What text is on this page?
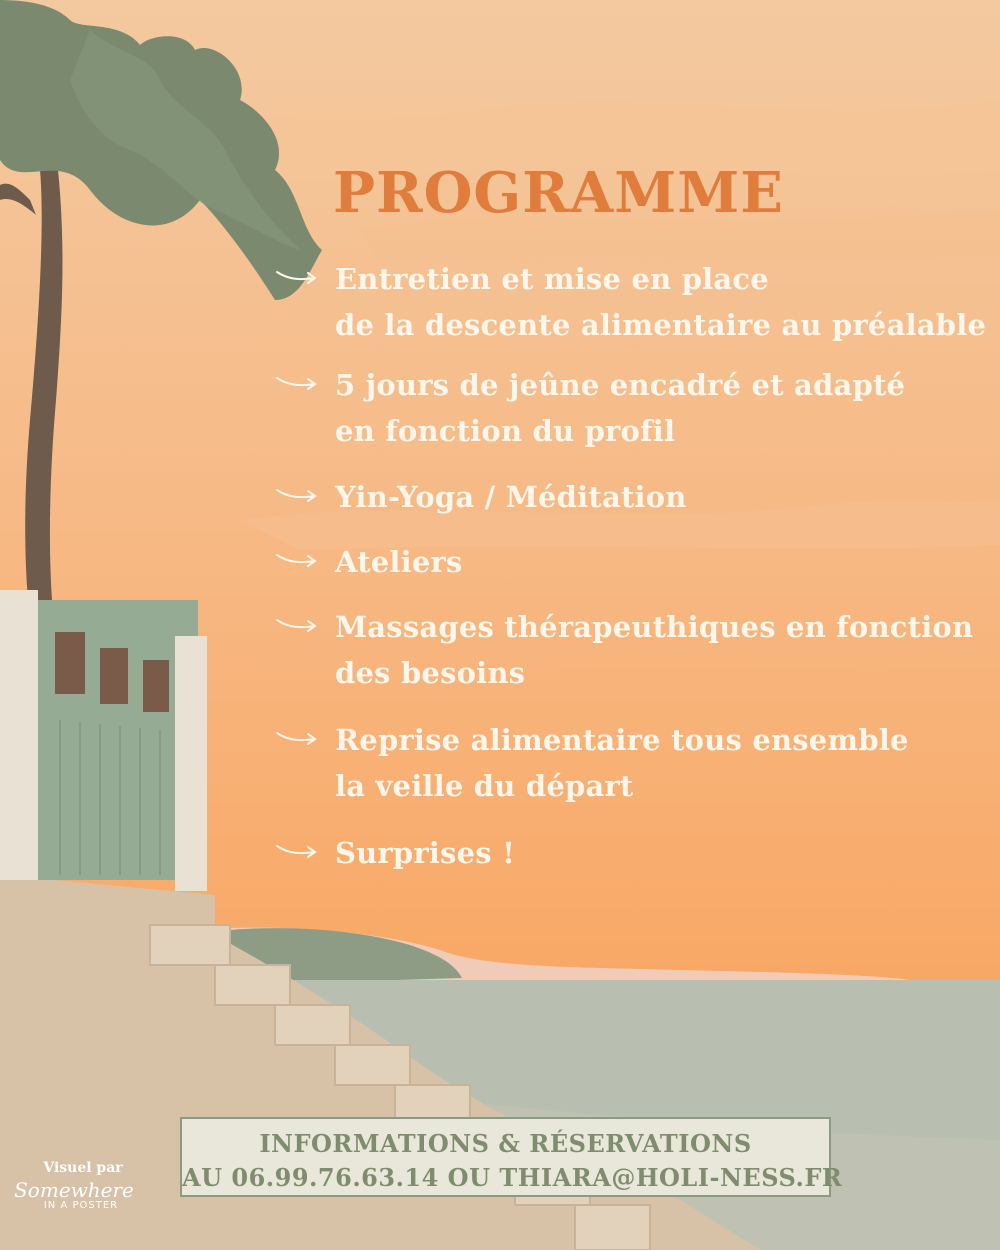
PROGRAMME
Entretien et mise en place
de la descente alimentaire au préalable
5 jours de jeûne encadré et adapté
en fonction du profil
Yin-Yoga / Méditation
Ateliers
Massages thérapeuthiques en fonction
des besoins
Reprise alimentaire tous ensemble
la veille du départ
Surprises !
INFORMATIONS & RÉSERVATIONS
AU 06.99.76.63.14 OU THIARA@HOLI-NESS.FR
Visuel par
Somewhere
IN A POSTER
